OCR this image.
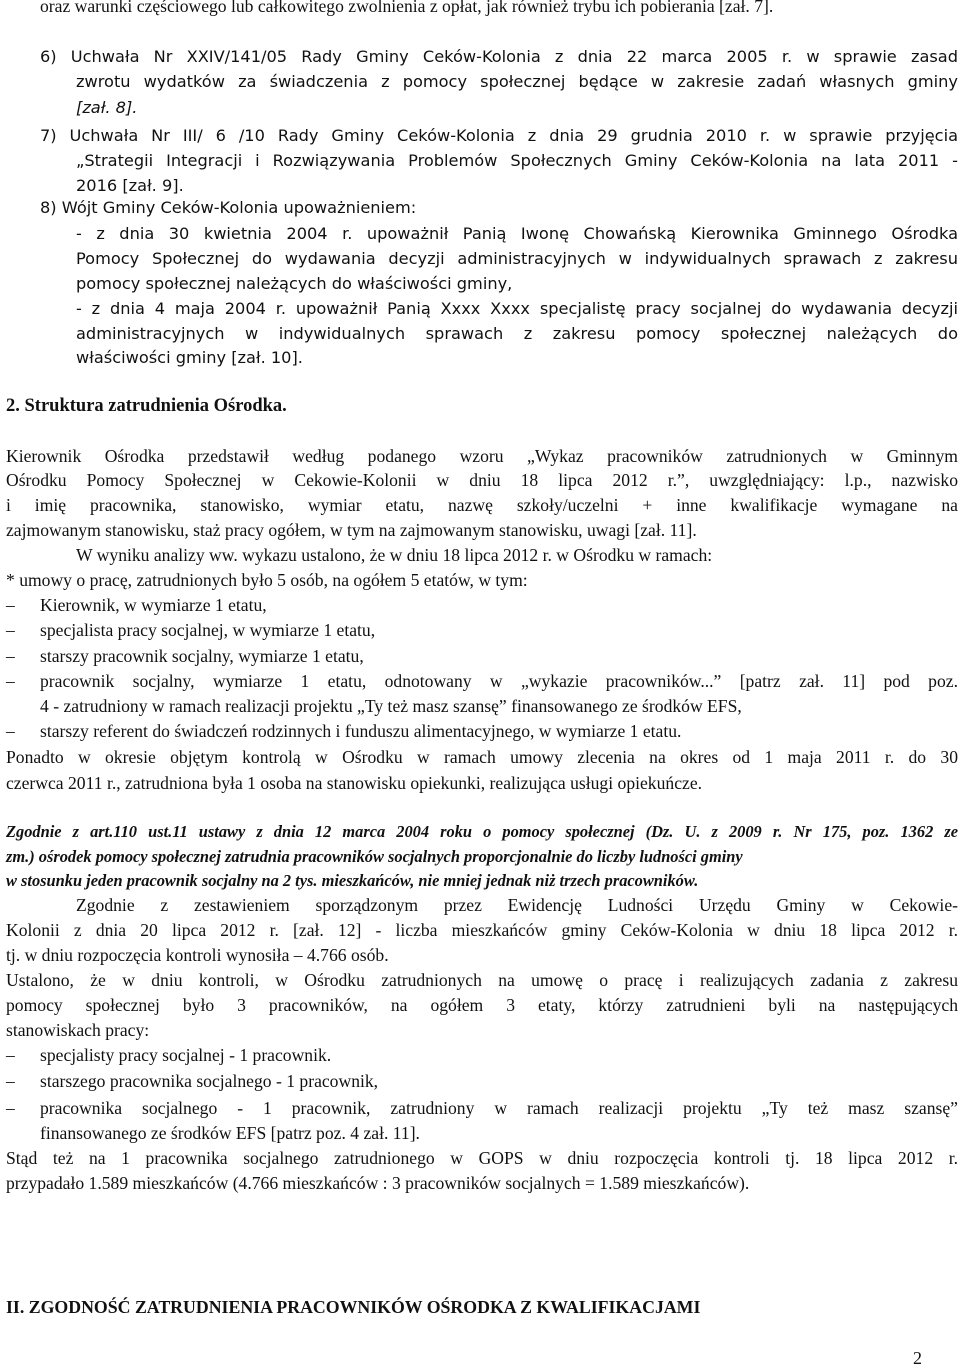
oraz warunki częściowego lub całkowitego zwolnienia z opłat, jak również trybu ich pobierania [zał. 7].
6) Uchwała Nr XXIV/141/05 Rady Gminy Ceków-Kolonia z dnia 22 marca 2005 r. w sprawie zasad
zwrotu wydatków za świadczenia z pomocy społecznej będące w zakresie zadań własnych gminy
[zał. 8].
7) Uchwała Nr III/ 6 /10 Rady Gminy Ceków-Kolonia z dnia 29 grudnia 2010 r. w sprawie przyjęcia
„Strategii Integracji i Rozwiązywania Problemów Społecznych Gminy Ceków-Kolonia na lata 2011 -
2016 [zał. 9].
8) Wójt Gminy Ceków-Kolonia upoważnieniem:
- z dnia 30 kwietnia 2004 r. upoważnił Panią Iwonę Chowańską Kierownika Gminnego Ośrodka
Pomocy Społecznej do wydawania decyzji administracyjnych w indywidualnych sprawach z zakresu
pomocy społecznej należących do właściwości gminy,
- z dnia 4 maja 2004 r. upoważnił Panią Xxxx Xxxx specjalistę pracy socjalnej do wydawania decyzji
administracyjnych w indywidualnych sprawach z zakresu pomocy społecznej należących do
właściwości gminy [zał. 10].
2. Struktura zatrudnienia Ośrodka.
Kierownik Ośrodka przedstawił według podanego wzoru „Wykaz pracowników zatrudnionych w Gminnym
Ośrodku Pomocy Społecznej w Cekowie-Kolonii w dniu 18 lipca 2012 r.”, uwzględniający: l.p., nazwisko
i imię pracownika, stanowisko, wymiar etatu, nazwę szkoły/uczelni + inne kwalifikacje wymagane na
zajmowanym stanowisku, staż pracy ogółem, w tym na zajmowanym stanowisku, uwagi [zał. 11].
W wyniku analizy ww. wykazu ustalono, że w dniu 18 lipca 2012 r. w Ośrodku w ramach:
* umowy o pracę, zatrudnionych było 5 osób, na ogółem 5 etatów, w tym:
– Kierownik, w wymiarze 1 etatu,
– specjalista pracy socjalnej, w wymiarze 1 etatu,
– starszy pracownik socjalny, wymiarze 1 etatu,
– pracownik socjalny, wymiarze 1 etatu, odnotowany w „wykazie pracowników...” [patrz zał. 11] pod poz.
4 - zatrudniony w ramach realizacji projektu „Ty też masz szansę” finansowanego ze środków EFS,
– starszy referent do świadczeń rodzinnych i funduszu alimentacyjnego, w wymiarze 1 etatu.
Ponadto w okresie objętym kontrolą w Ośrodku w ramach umowy zlecenia na okres od 1 maja 2011 r. do 30
czerwca 2011 r., zatrudniona była 1 osoba na stanowisku opiekunki, realizująca usługi opiekuńcze.
Zgodnie z art.110 ust.11 ustawy z dnia 12 marca 2004 roku o pomocy społecznej (Dz. U. z 2009 r. Nr 175, poz. 1362 ze
zm.) ośrodek pomocy społecznej zatrudnia pracowników socjalnych proporcjonalnie do liczby ludności gminy
w stosunku jeden pracownik socjalny na 2 tys. mieszkańców, nie mniej jednak niż trzech pracowników.
Zgodnie z zestawieniem sporządzonym przez Ewidencję Ludności Urzędu Gminy w Cekowie-
Kolonii z dnia 20 lipca 2012 r. [zał. 12] - liczba mieszkańców gminy Ceków-Kolonia w dniu 18 lipca 2012 r.
tj. w dniu rozpoczęcia kontroli wynosiła – 4.766 osób.
Ustalono, że w dniu kontroli, w Ośrodku zatrudnionych na umowę o pracę i realizujących zadania z zakresu
pomocy społecznej było 3 pracowników, na ogółem 3 etaty, którzy zatrudnieni byli na następujących
stanowiskach pracy:
– specjalisty pracy socjalnej - 1 pracownik.
– starszego pracownika socjalnego - 1 pracownik,
– pracownika socjalnego - 1 pracownik, zatrudniony w ramach realizacji projektu „Ty też masz szansę”
finansowanego ze środków EFS [patrz poz. 4 zał. 11].
Stąd też na 1 pracownika socjalnego zatrudnionego w GOPS w dniu rozpoczęcia kontroli tj. 18 lipca 2012 r.
przypadało 1.589 mieszkańców (4.766 mieszkańców : 3 pracowników socjalnych = 1.589 mieszkańców).
II. ZGODNOŚĆ ZATRUDNIENIA PRACOWNIKÓW OŚRODKA Z KWALIFIKACJAMI
2
